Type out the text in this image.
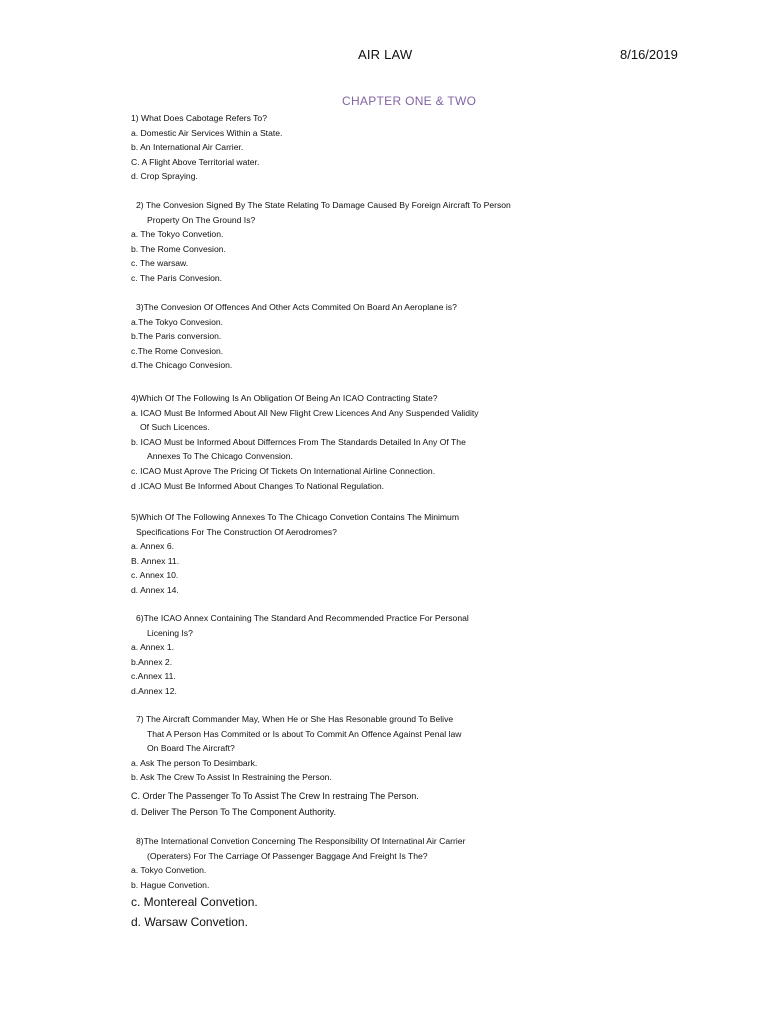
AIR LAW	8/16/2019
CHAPTER ONE & TWO
1) What Does Cabotage Refers To?
a. Domestic Air Services Within a State.
b. An International Air Carrier.
C. A Flight Above Territorial water.
d. Crop Spraying.
2) The Convesion Signed By The State Relating To Damage Caused By Foreign Aircraft To Person
Property On The Ground Is?
a. The Tokyo Convetion.
b. The Rome Convesion.
c. The warsaw.
c. The Paris Convesion.
3)The Convesion Of Offences And Other Acts Commited On Board An Aeroplane is?
a.The Tokyo Convesion.
b.The Paris conversion.
c.The Rome Convesion.
d.The Chicago Convesion.
4)Which Of The Following Is An Obligation Of Being An ICAO Contracting State?
a. ICAO Must Be Informed About All New Flight Crew Licences And Any Suspended Validity
Of Such Licences.
b. ICAO Must be Informed About Differnces From The Standards Detailed In Any Of The
Annexes To The Chicago Convension.
c. ICAO Must Aprove The Pricing Of Tickets On International Airline Connection.
d .ICAO Must Be Informed About Changes To National Regulation.
5)Which Of The Following Annexes To The Chicago Convetion Contains The Minimum
Specifications For The Construction Of Aerodromes?
a. Annex 6.
B. Annex 11.
c. Annex 10.
d. Annex 14.
6)The ICAO Annex Containing The Standard And Recommended Practice For Personal
Licening Is?
a. Annex 1.
b.Annex 2.
c.Annex 11.
d.Annex 12.
7) The Aircraft Commander May, When He or She Has Resonable ground To Belive
That A Person Has Commited or Is about To Commit An Offence Against Penal law
On Board The Aircraft?
a. Ask The person To Desimbark.
b. Ask The Crew To Assist In Restraining the Person.
C. Order The Passenger To To Assist The Crew In restraing The Person.
d. Deliver The Person To The Component Authority.
8)The International Convetion Concerning The Responsibility Of Internatinal Air Carrier
(Operaters) For The Carriage Of Passenger Baggage And Freight Is The?
a. Tokyo Convetion.
b. Hague Convetion.
c. Montereal Convetion.
d. Warsaw Convetion.
